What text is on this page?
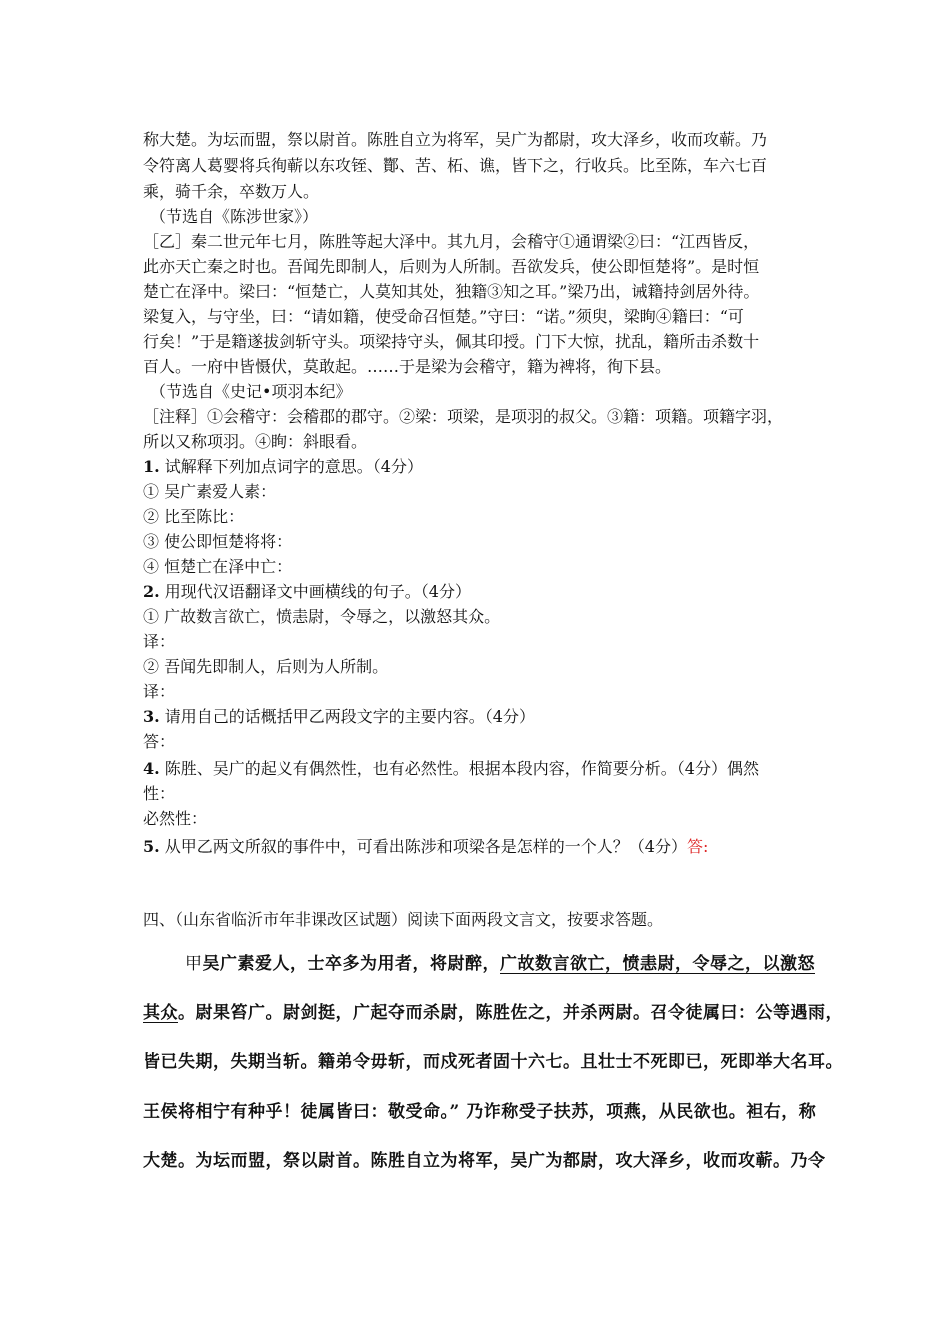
称大楚。为坛而盟，祭以尉首。陈胜自立为将军，吴广为都尉，攻大泽乡，收而攻蕲。乃
令符离人葛婴将兵徇蕲以东攻铚、酇、苦、柘、谯，皆下之，行收兵。比至陈，车六七百
乘，骑千余，卒数万人。
（节选自《陈涉世家》）
［乙］秦二世元年七月，陈胜等起大泽中。其九月，会稽守①通谓梁②曰：“江西皆反，
此亦天亡秦之时也。吾闻先即制人，后则为人所制。吾欲发兵，使公即恒楚将”。是时恒
楚亡在泽中。梁曰：“恒楚亡，人莫知其处，独籍③知之耳。”梁乃出，诫籍持剑居外待。
梁复入，与守坐，曰：“请如籍，使受命召恒楚。”守曰：“诺。”须臾，梁眴④籍曰：“可
行矣！”于是籍遂拔剑斩守头。项梁持守头，佩其印授。门下大惊，扰乱，籍所击杀数十
百人。一府中皆慑伏，莫敢起。……于是梁为会稽守，籍为裨将，徇下县。
（节选自《史记•项羽本纪》
［注释］①会稽守：会稽郡的郡守。②梁：项梁，是项羽的叔父。③籍：项籍。项籍字羽，
所以又称项羽。④眴：斜眼看。
1. 试解释下列加点词字的意思。（4分）
① 吴广素爱人素：
② 比至陈比：
③ 使公即恒楚将将：
④ 恒楚亡在泽中亡：
2. 用现代汉语翻译文中画横线的句子。（4分）
① 广故数言欲亡，愤恚尉，令辱之，以激怒其众。
译：
② 吾闻先即制人，后则为人所制。
译：
3. 请用自己的话概括甲乙两段文字的主要内容。（4分）
答：
4. 陈胜、吴广的起义有偶然性，也有必然性。根据本段内容，作简要分析。（4分）偶然
性：
必然性：
5. 从甲乙两文所叙的事件中，可看出陈涉和项梁各是怎样的一个人？（4分）答:
四、（山东省临沂市年非课改区试题）阅读下面两段文言文，按要求答题。
甲吴广素爱人，士卒多为用者，将尉醉，广故数言欲亡，愤恚尉，令辱之，以激怒
其众。尉果笞广。尉剑挺，广起夺而杀尉，陈胜佐之，并杀两尉。召令徒属曰：公等遇雨，
皆已失期，失期当斩。籍弟令毋斩，而戍死者固十六七。且壮士不死即已，死即举大名耳。
王侯将相宁有种乎！徒属皆曰：敬受命。” 乃诈称受子扶苏，项燕，从民欲也。袒右，称
大楚。为坛而盟，祭以尉首。陈胜自立为将军，吴广为都尉，攻大泽乡，收而攻蕲。乃令
